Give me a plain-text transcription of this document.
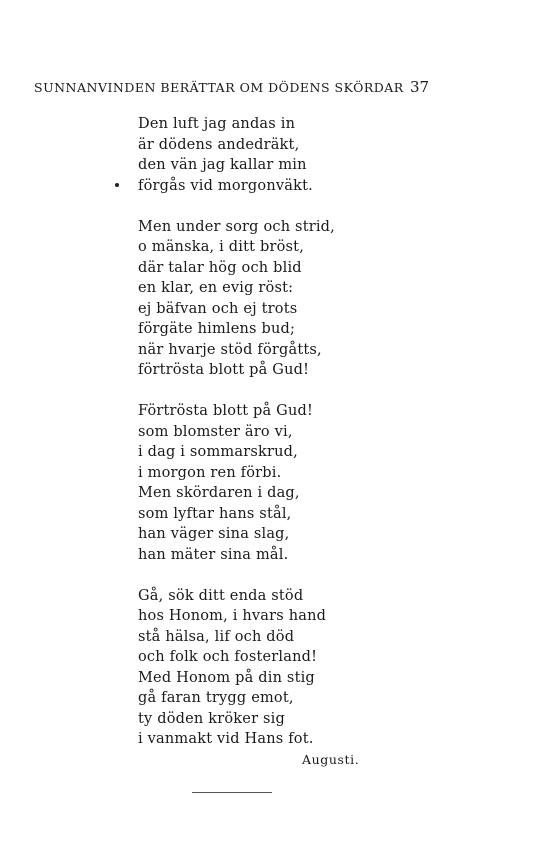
SUNNANVINDEN BERÄTTAR OM DÖDENS SKÖRDAR 37
Den luft jag andas in
är dödens andedräkt,
den vän jag kallar min
förgås vid morgonväkt.
Men under sorg och strid,
o mänska, i ditt bröst,
där talar hög och blid
en klar, en evig röst:
ej bäfvan och ej trots
förgäte himlens bud;
när hvarje stöd förgåtts,
förtrösta blott på Gud!
Förtrösta blott på Gud!
som blomster äro vi,
i dag i sommarskrud,
i morgon ren förbi.
Men skördaren i dag,
som lyftar hans stål,
han väger sina slag,
han mäter sina mål.
Gå, sök ditt enda stöd
hos Honom, i hvars hand
stå hälsa, lif och död
och folk och fosterland!
Med Honom på din stig
gå faran trygg emot,
ty döden kröker sig
i vanmakt vid Hans fot.
Augusti.
